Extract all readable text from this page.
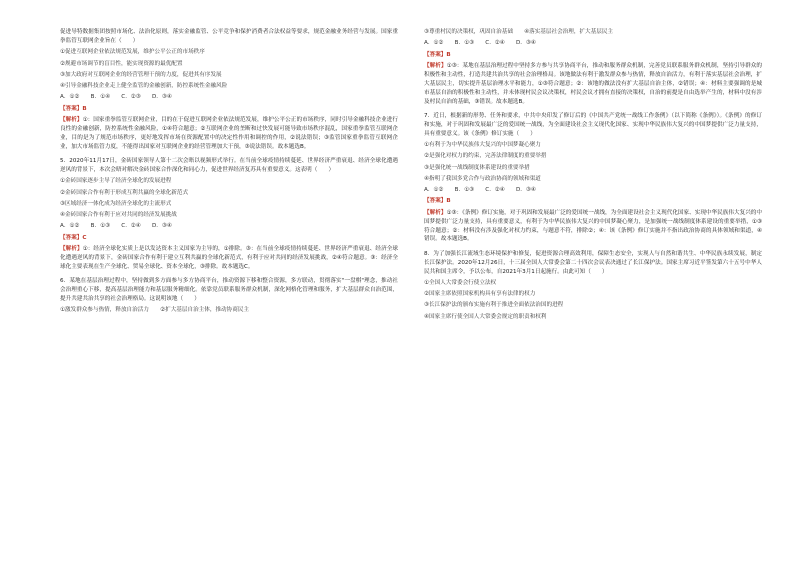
促进导特数据集团按照市场化、法治化原则，落实金融监管、公平竞争和保护消费者合法权益等要求，规范金融业务经营与发展。国家重拳监管互联网企业旨在（　　）

①促进互联网企业依法规范发展，维护公平公正的市场秩序

②规避市场调节的盲目性，能实现资源的最优配置

③加大政府对互联网企业的经营管理干预的力度，促进其有序发展

④引导金融科技企业走上健全监管的金融创新，防控系统性金融风险

A．①②　　B．①④　　C．②③　　D．③④

【答案】B

【解析】①：国家重拳监管互联网企业，目的在于促进互联网企业依法规范发展，维护公平公正的市场秩序，同时引导金融科技企业进行良性的金融创新，防控系统性金融风险，①④符合题意；②互联网企业的垄断和过快发展可能导致市场秩序混乱，国家重拳监管互联网企业，目的是为了规范市场秩序，更好地发挥市场在资源配置中的决定性作用和调控的作用，②说法错误；③监管国家重拳监管互联网企业，加大市场监管力度，不能得出国家对互联网企业的经营管理加大干预，③说法错误。故本题选B。

5．2020年11月17日，金砖国家领导人第十二次会晤以视频形式举行。在当前全球疫情持续蔓延、世界经济严重衰退、经济全球化遭遇逆风的背景下，本次会晤对解决金砖国家合作深化和同心力，促进世界经济复苏具有重要意义。这表明（　　）

①金砖国家逐步主导了经济全球化的发展进程

②金砖国家合作有利于形成互利共赢的全球化新范式

③区域经济一体化成为经济全球化的主流形式

④金砖国家合作有利于应对共同的经济发展挑战

A．①②　　B．①③　　C．②④　　D．③④

【答案】C

【解析】①：经济全球化实质上是以发达资本主义国家为主导的，①排除。③：在当前全球疫情持续蔓延、世界经济严重衰退、经济全球化遭遇逆风的背景下，金砖国家合作有利于建立互利共赢的全球化新范式，有利于应对共同的经济发展挑战，②④符合题意。③：经济全球化主要表现在生产全球化、贸易全球化、资本全球化，③排除。故本题选C。

6．某地在基层治理过程中，坚持做到多方面参与多方协商平台，推动资源下移和整合资源，多方联动，贯彻落实"一盘棋"理念，推动社会治理重心下移，提高基层治理能力和基层服务精细化。依靠党员联系服务群众机制，深化网格化管理和服务，扩大基层群众自治范围，提升共建共治共享的社会治理格局。这说明该地（　　）

①激发群众参与热情，释放自治活力　　②扩大基层自治主体，推动协商民主

③尊重村民的决策权，巩固自治基础　　④落实基层社会治理，扩大基层民主

A．①②　　B．①③　　C．②④　　D．③④

【答案】B

【解析】①③：某地在基层治理过程中坚持多方参与共享协商平台，推动和服务群众机制，完善党员联系服务群众机制，坚持引导群众的积极性和主动性，打造共建共治共享的社会治理格局。该地做法有利于激发群众参与热情，释放自治活力，有利于落实基层社会治理，扩大基层民主，切实提升基层治理水平和能力，①③符合题意；②：该地的做法没有扩大基层自治主体，②错误；④：材料主要强调的是城市基层自治的积极性和主动性，并未体现村民会议决策权，村民会议才拥有直接的决策权，自治的前提是自由选举产生的，材料中没有涉及村民自治的基础，③错误。故本题选B。

7．近日，根据新的形势、任务和要求，中共中央印发了修订后的《中国共产党统一战线工作条例》（以下简称《条例》）。《条例》的修订和实施，对于巩固和发展最广泛的爱国统一战线，为全面建设社会主义现代化国家、实现中华民族伟大复兴的中国梦提供广泛力量支持，具有重要意义。该《条例》修订实施（　　）

①有利于为中华民族伟大复兴的中国梦凝心聚力

②是强化对权力的约束，完善法律制度的重要举措

③是强化统一战线制度体系建设的重要举措

④指明了我国多党合作与政治协商的领域和渠道

A．①②　　B．①③　　C．②④　　D．③④

【答案】B

【解析】①③：《条例》修订实施，对于巩固和发展最广泛的爱国统一战线，为全面建设社会主义现代化国家、实现中华民族伟大复兴的中国梦提供广泛力量支持，具有重要意义，有利于为中华民族伟大复兴的中国梦凝心聚力，是加强统一战线制度体系建设的重要举措，①③符合题意；②：材料没有涉及强化对权力约束，与题意不符，排除②；④：该《条例》修订实施并不指出政治协商的具体领域和渠道，④错误。故本题选B。

8．为了加强长江流域生态环境保护和修复，促进资源合理高效利用，保障生态安全，实现人与自然和谐共生、中华民族永续发展，制定长江保护法。2020年12月26日，十三届全国人大常委会第二十四次会议表决通过了长江保护法。国家主席习近平签发第六十五号中华人民共和国主席令，予以公布，自2021年3月1日起施行。由此可知（　　）

①全国人大常委会行使立法权

②国家主席依照国家机构具有享有法律的权力

③长江保护法的颁布实施有利于推进全面依法治国的进程

④国家主席行使全国人大常委会规定的职责和权利
